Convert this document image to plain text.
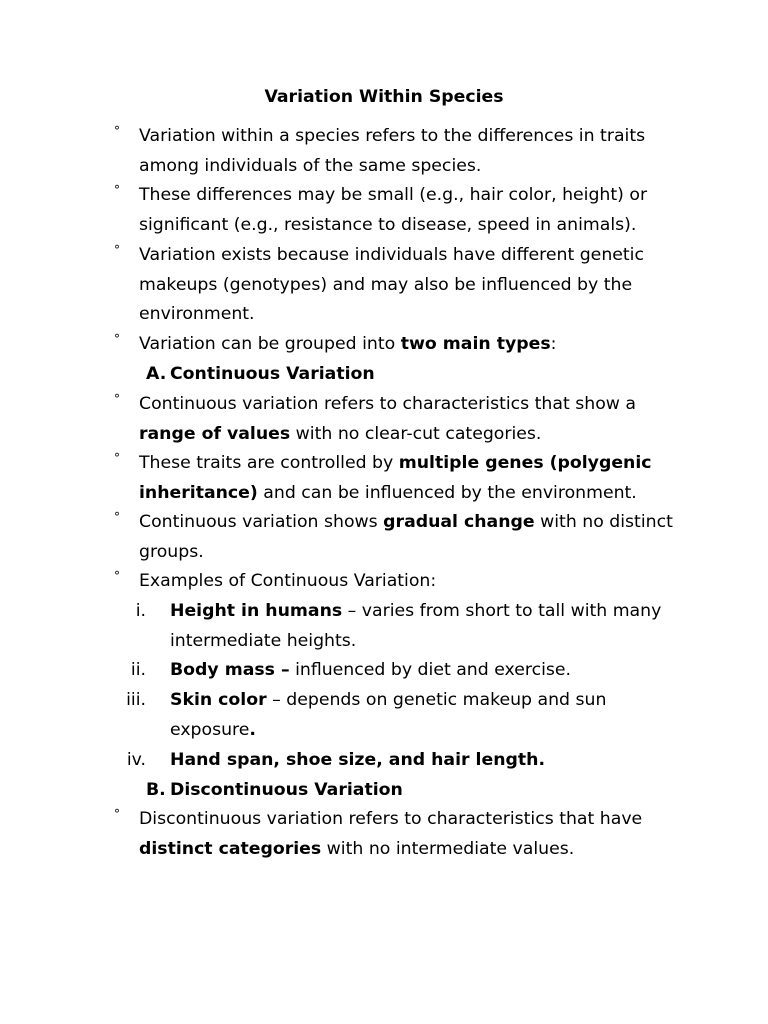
Variation Within Species
° Variation within a species refers to the differences in traits among individuals of the same species.
° These differences may be small (e.g., hair color, height) or significant (e.g., resistance to disease, speed in animals).
° Variation exists because individuals have different genetic makeups (genotypes) and may also be influenced by the environment.
° Variation can be grouped into two main types:
A. Continuous Variation
° Continuous variation refers to characteristics that show a range of values with no clear-cut categories.
° These traits are controlled by multiple genes (polygenic inheritance) and can be influenced by the environment.
° Continuous variation shows gradual change with no distinct groups.
° Examples of Continuous Variation:
i. Height in humans – varies from short to tall with many intermediate heights.
ii. Body mass – influenced by diet and exercise.
iii. Skin color – depends on genetic makeup and sun exposure.
iv. Hand span, shoe size, and hair length.
B. Discontinuous Variation
° Discontinuous variation refers to characteristics that have distinct categories with no intermediate values.
